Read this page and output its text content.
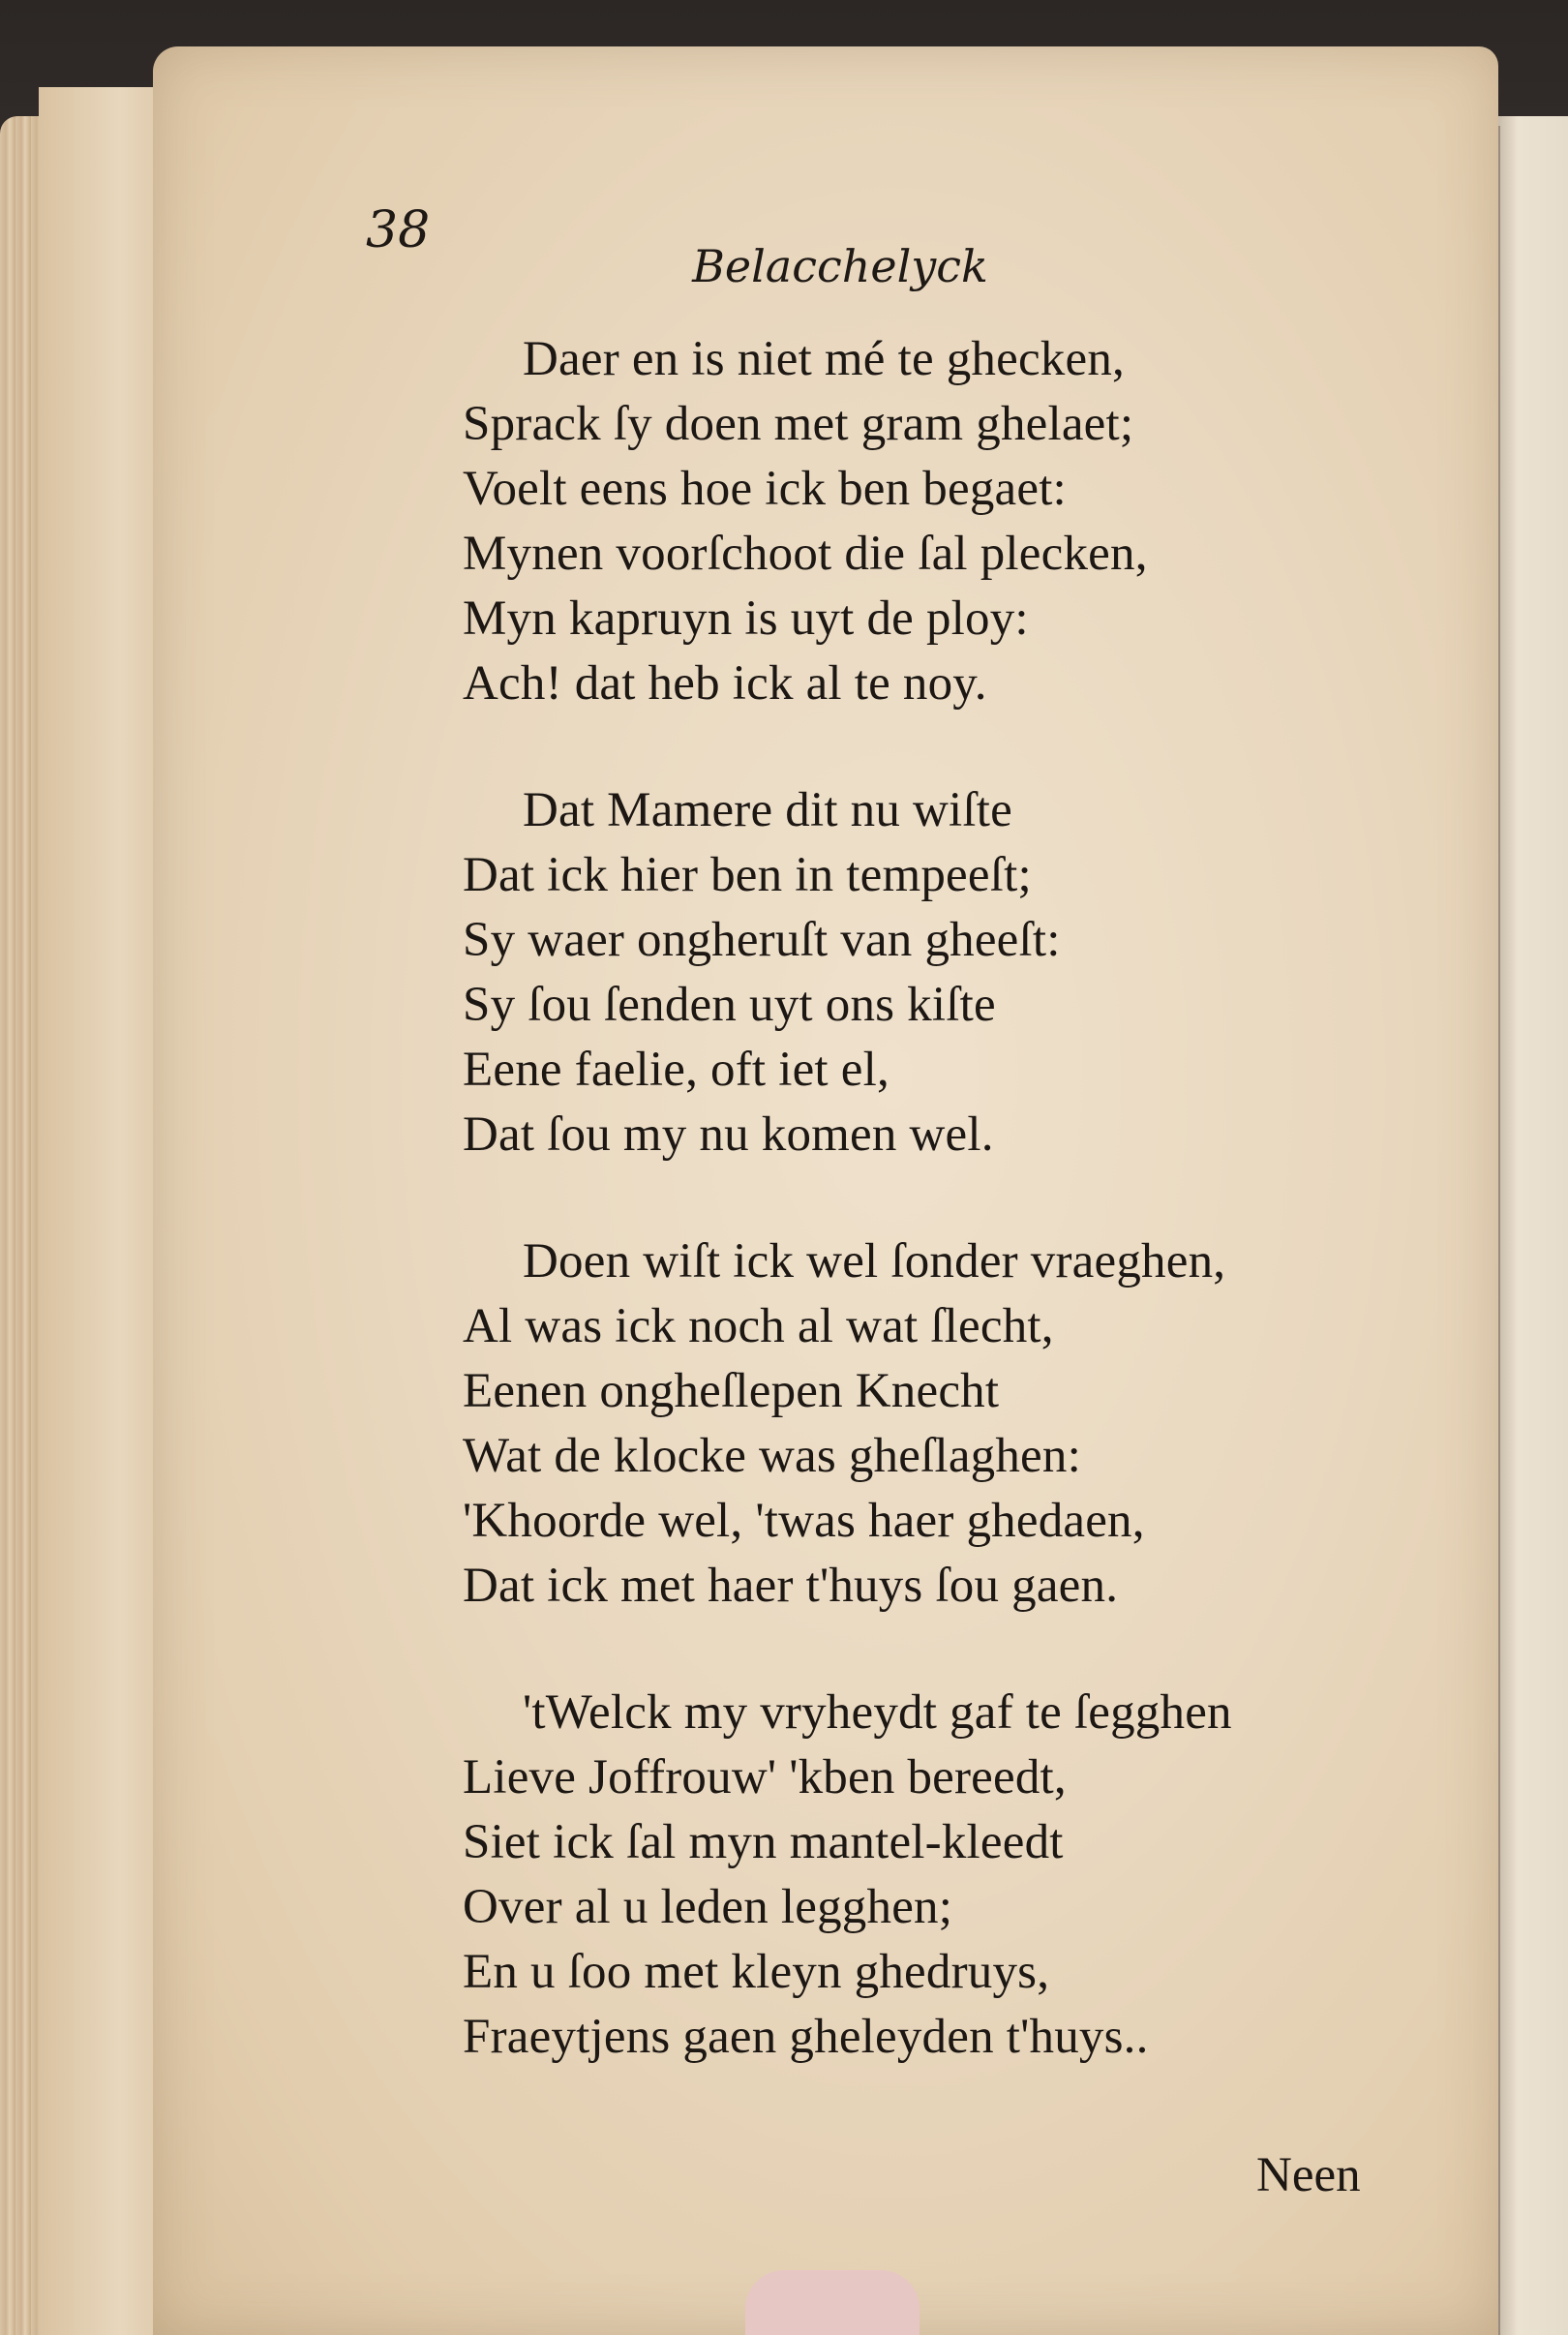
38
Belacchelyck
Daer en is niet mé te ghecken,
Sprack ſy doen met gram ghelaet;
Voelt eens hoe ick ben begaet:
Mynen voorſchoot die ſal plecken,
Myn kapruyn is uyt de ploy:
Ach! dat heb ick al te noy.
Dat Mamere dit nu wiſte
Dat ick hier ben in tempeeſt;
Sy waer ongheruſt van gheeſt:
Sy ſou ſenden uyt ons kiſte
Eene faelie, oft iet el,
Dat ſou my nu komen wel.
Doen wiſt ick wel ſonder vraeghen,
Al was ick noch al wat ſlecht,
Eenen ongheſlepen Knecht
Wat de klocke was gheſlaghen:
'Khoorde wel, 'twas haer ghedaen,
Dat ick met haer t'huys ſou gaen.
'tWelck my vryheydt gaf te ſegghen
Lieve Joffrouw' 'kben bereedt,
Siet ick ſal myn mantel-kleedt
Over al u leden legghen;
En u ſoo met kleyn ghedruys,
Fraeytjens gaen gheleyden t'huys..
Neen
